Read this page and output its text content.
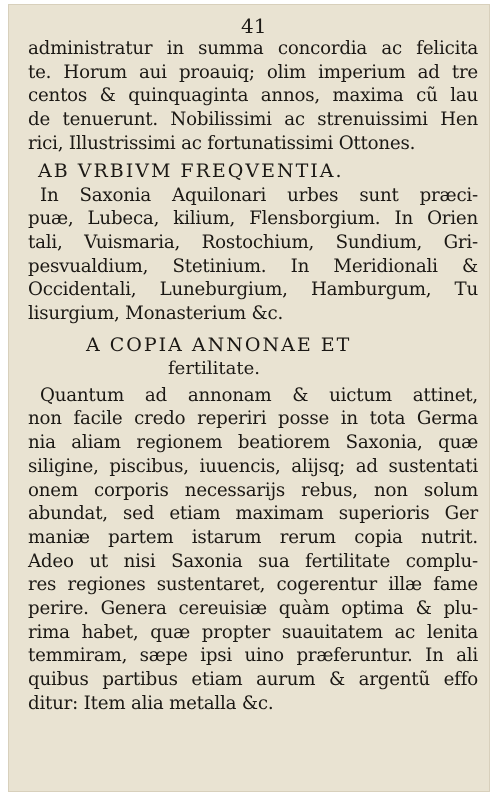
41
administratur in summa concordia ac felicita
te. Horum aui proauiq; olim imperium ad tre
centos & quinquaginta annos, maxima cũ lau
de tenuerunt. Nobilissimi ac strenuissimi Hen
rici, Illustrissimi ac fortunatissimi Ottones.
AB VRBIVM FREQVENTIA.
In Saxonia Aquilonari urbes sunt præci-
puæ, Lubeca, kilium, Flensborgium. In Orien
tali, Vuismaria, Rostochium, Sundium, Gri-
pesvualdium, Stetinium. In Meridionali &
Occidentali, Luneburgium, Hamburgum, Tu
lisurgium, Monasterium &c.
A COPIA ANNONAE ET
fertilitate.
Quantum ad annonam & uictum attinet,
non facile credo reperiri posse in tota Germa
nia aliam regionem beatiorem Saxonia, quæ
siligine, piscibus, iuuencis, alijsq; ad sustentati
onem corporis necessarijs rebus, non solum
abundat, sed etiam maximam superioris Ger
maniæ partem istarum rerum copia nutrit.
Adeo ut nisi Saxonia sua fertilitate complu-
res regiones sustentaret, cogerentur illæ fame
perire. Genera cereuisiæ quàm optima & plu-
rima habet, quæ propter suauitatem ac lenita
temmiram, sæpe ipsi uino præferuntur. In ali
quibus partibus etiam aurum & argentũ effo
ditur: Item alia metalla &c.
